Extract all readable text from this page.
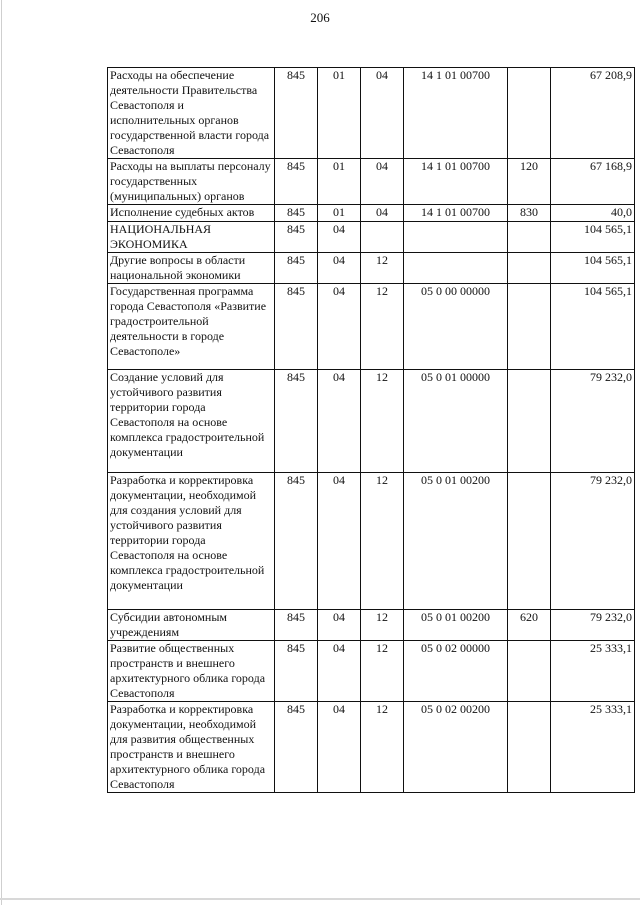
206
Расходы на обеспечение деятельности Правительства Севастополя и исполнительных органов государственной власти города Севастополя	845	01	04	14 1 01 00700		67 208,9
Расходы на выплаты персоналу государственных (муниципальных) органов	845	01	04	14 1 01 00700	120	67 168,9
Исполнение судебных актов	845	01	04	14 1 01 00700	830	40,0
НАЦИОНАЛЬНАЯ ЭКОНОМИКА	845	04				104 565,1
Другие вопросы в области национальной экономики	845	04	12			104 565,1
Государственная программа города Севастополя «Развитие градостроительной деятельности в городе Севастополе»	845	04	12	05 0 00 00000		104 565,1
Создание условий для устойчивого развития территории города Севастополя на основе комплекса градостроительной документации	845	04	12	05 0 01 00000		79 232,0
Разработка и корректировка документации, необходимой для создания условий для устойчивого развития территории города Севастополя на основе комплекса градостроительной документации	845	04	12	05 0 01 00200		79 232,0
Субсидии автономным учреждениям	845	04	12	05 0 01 00200	620	79 232,0
Развитие общественных пространств и внешнего архитектурного облика города Севастополя	845	04	12	05 0 02 00000		25 333,1
Разработка и корректировка документации, необходимой для развития общественных пространств и внешнего архитектурного облика города Севастополя	845	04	12	05 0 02 00200		25 333,1
